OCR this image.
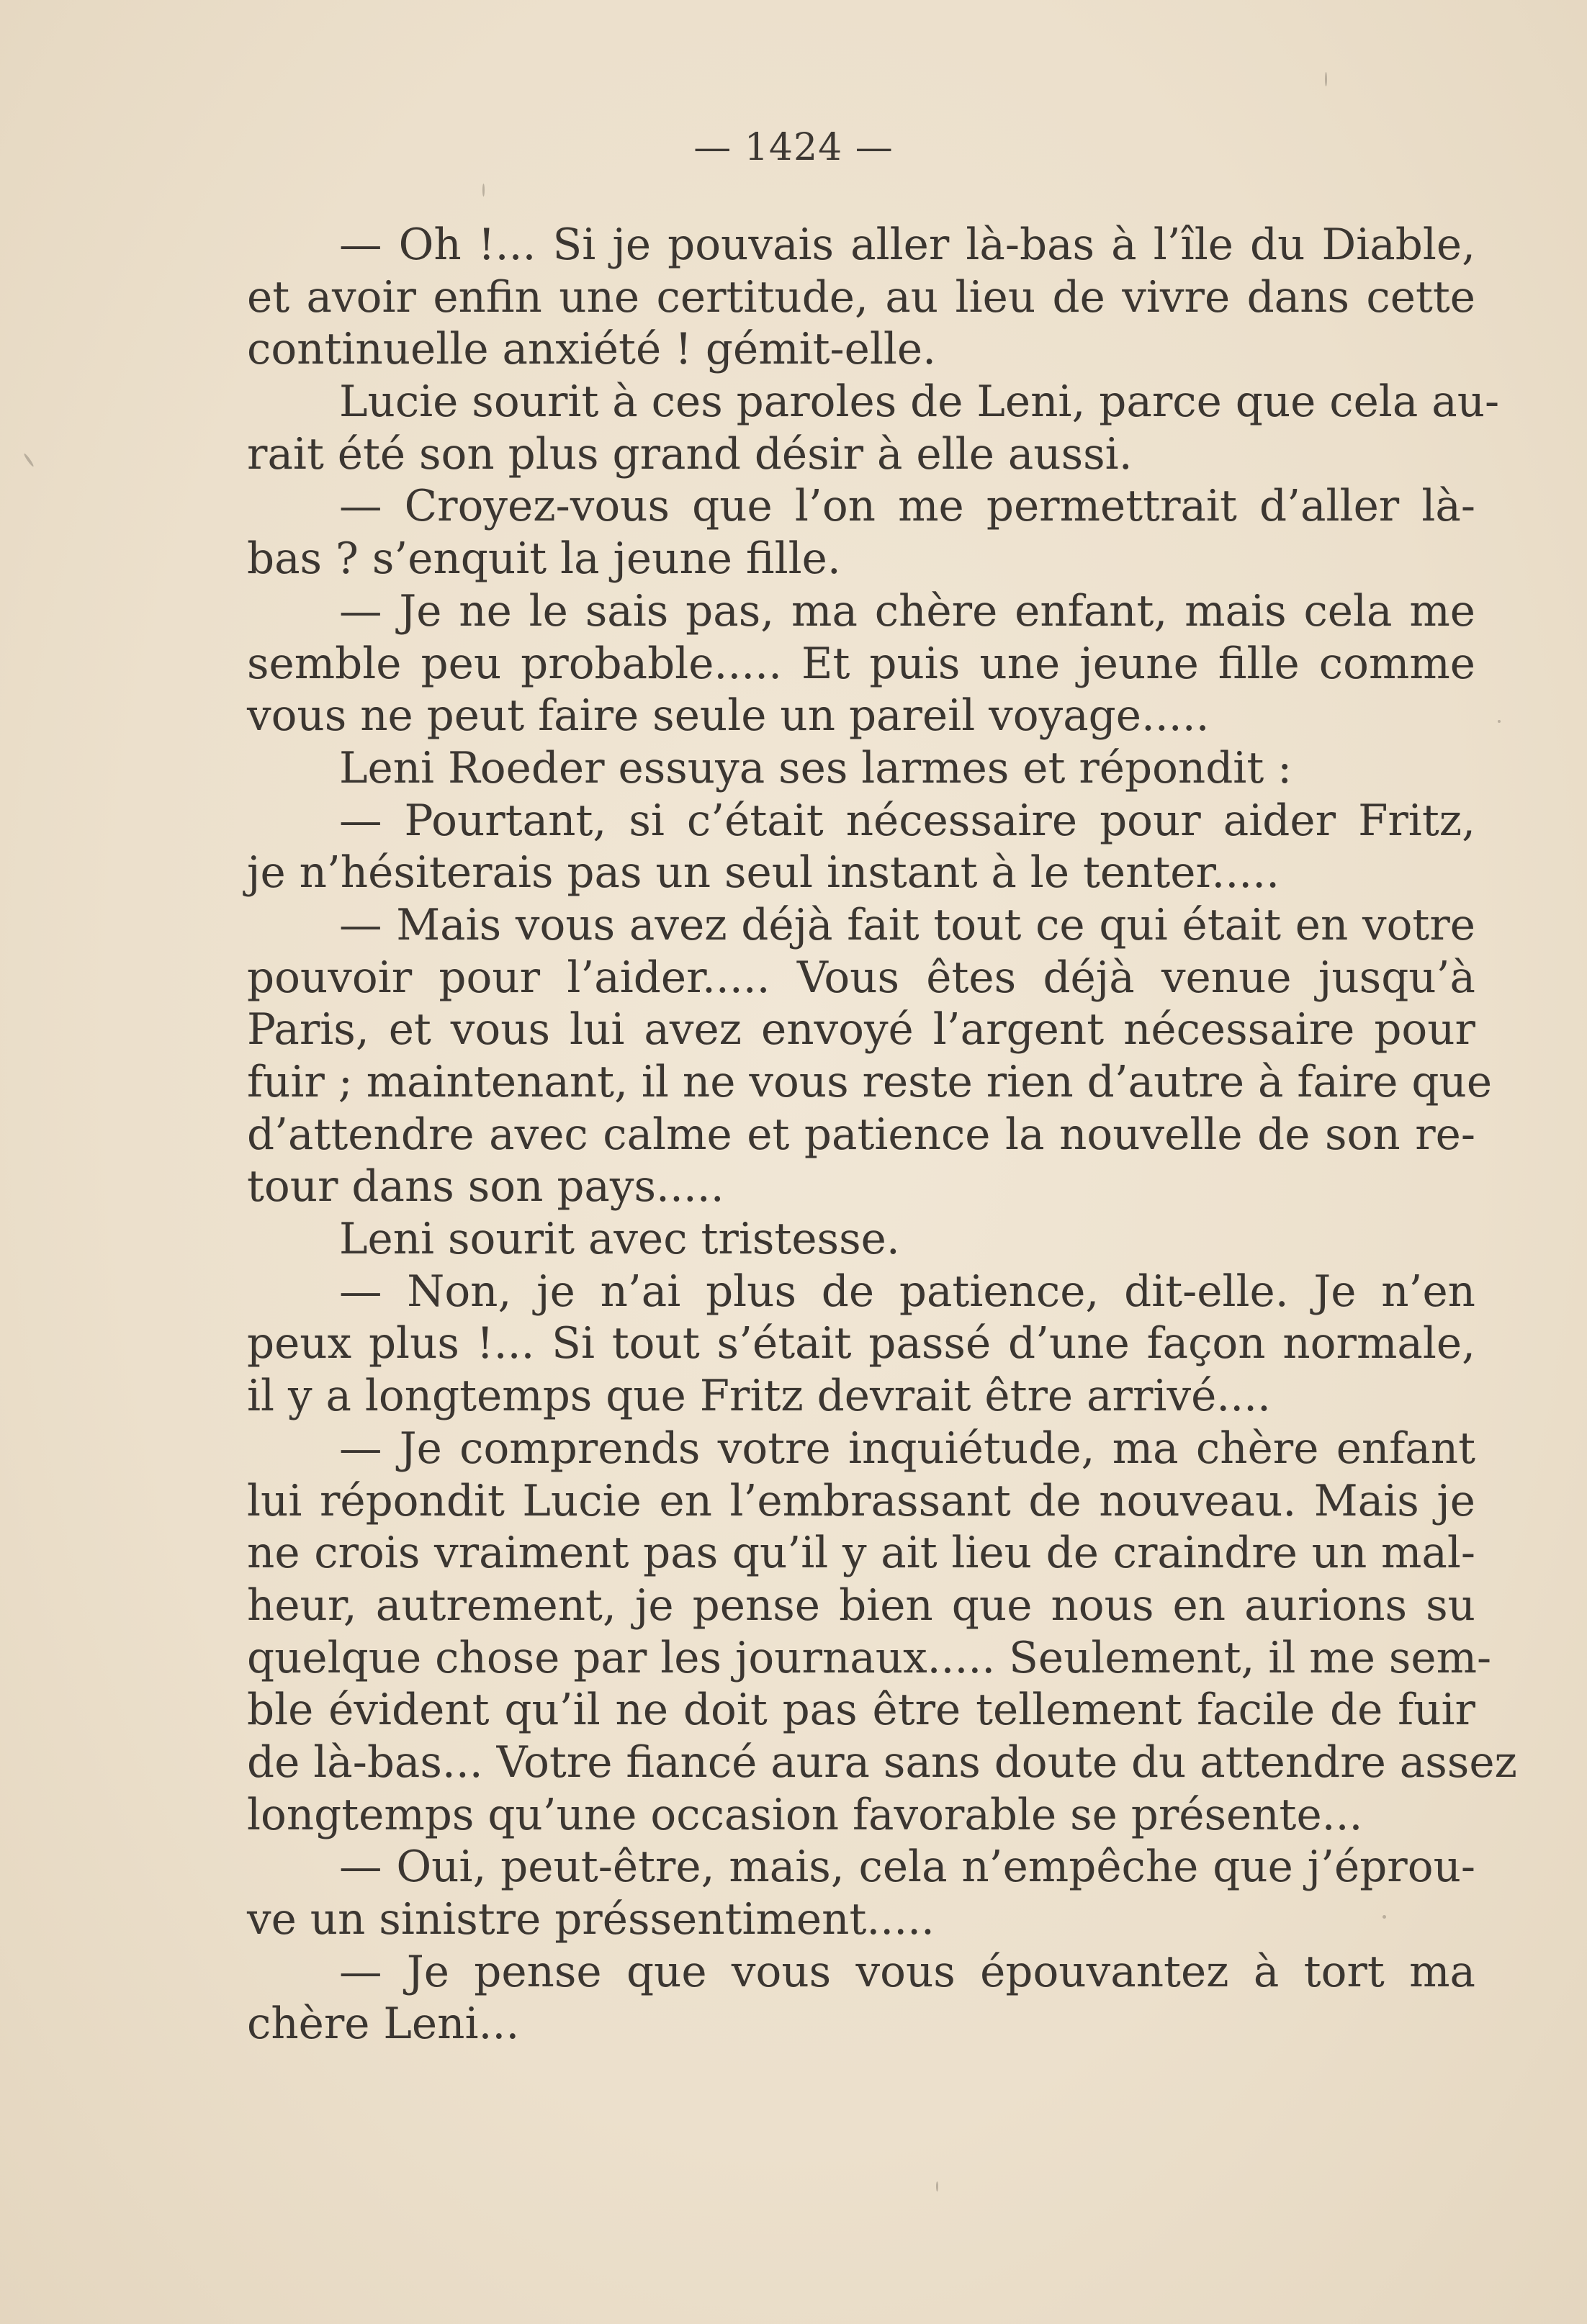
— 1424 —
— Oh !... Si je pouvais aller là-bas à l’île du Diable,
et avoir enfin une certitude, au lieu de vivre dans cette
continuelle anxiété ! gémit-elle.
Lucie sourit à ces paroles de Leni, parce que cela au-
rait été son plus grand désir à elle aussi.
— Croyez-vous que l’on me permettrait d’aller là-
bas ? s’enquit la jeune fille.
— Je ne le sais pas, ma chère enfant, mais cela me
semble peu probable..... Et puis une jeune fille comme
vous ne peut faire seule un pareil voyage.....
Leni Roeder essuya ses larmes et répondit :
— Pourtant, si c’était nécessaire pour aider Fritz,
je n’hésiterais pas un seul instant à le tenter.....
— Mais vous avez déjà fait tout ce qui était en votre
pouvoir pour l’aider..... Vous êtes déjà venue jusqu’à
Paris, et vous lui avez envoyé l’argent nécessaire pour
fuir ; maintenant, il ne vous reste rien d’autre à faire que
d’attendre avec calme et patience la nouvelle de son re-
tour dans son pays.....
Leni sourit avec tristesse.
— Non, je n’ai plus de patience, dit-elle. Je n’en
peux plus !... Si tout s’était passé d’une façon normale,
il y a longtemps que Fritz devrait être arrivé....
— Je comprends votre inquiétude, ma chère enfant
lui répondit Lucie en l’embrassant de nouveau. Mais je
ne crois vraiment pas qu’il y ait lieu de craindre un mal-
heur, autrement, je pense bien que nous en aurions su
quelque chose par les journaux..... Seulement, il me sem-
ble évident qu’il ne doit pas être tellement facile de fuir
de là-bas... Votre fiancé aura sans doute du attendre assez
longtemps qu’une occasion favorable se présente...
— Oui, peut-être, mais, cela n’empêche que j’éprou-
ve un sinistre préssentiment.....
— Je pense que vous vous épouvantez à tort ma
chère Leni...
